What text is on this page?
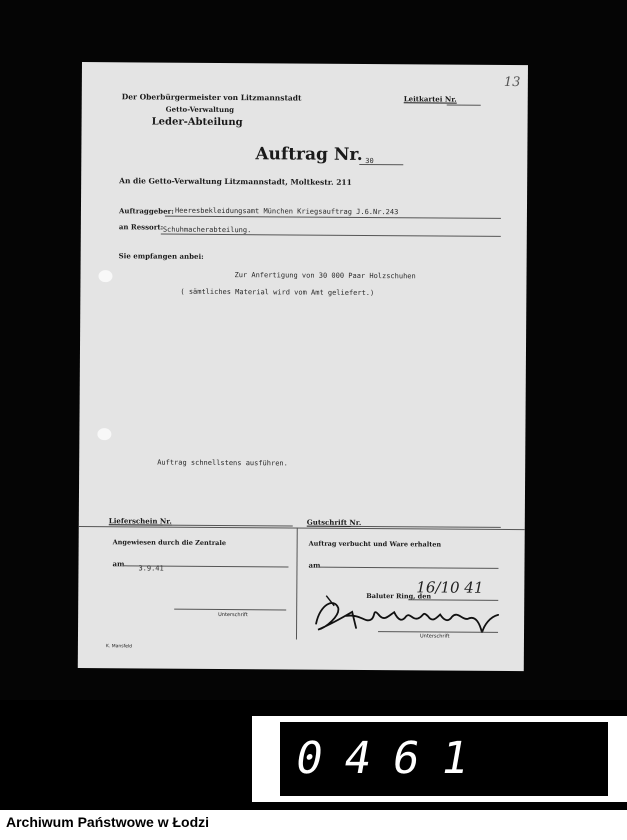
Der Oberbürgermeister von Litzmannstadt
Getto-Verwaltung
Leder-Abteilung
Leitkartei Nr.
13
Auftrag Nr. 30
An die Getto-Verwaltung Litzmannstadt, Moltkestr. 211
Auftraggeber: Heeresbekleidungsamt München Kriegsauftrag J.6.Nr.243
an Ressort: Schuhmacherabteilung.
Sie empfangen anbei:
Zur Anfertigung von 30 000 Paar Holzschuhen
( sämtliches Material wird vom Amt geliefert.)
Auftrag schnellstens ausführen.
Lieferschein Nr.	Gutschrift Nr.
Angewiesen durch die Zentrale
am
3.9.41
Unterschrift
Auftrag verbucht und Ware erhalten
am
Baluter Ring, den
16/10 41
Unterschrift
K. Mansfeld
0461
Archiwum Państwowe w Łodzi
